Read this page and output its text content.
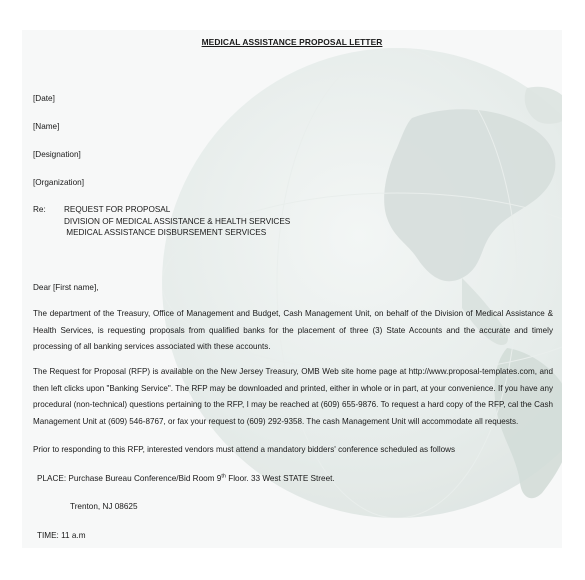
MEDICAL ASSISTANCE PROPOSAL LETTER
[Date]
[Name]
[Designation]
[Organization]
Re: REQUEST FOR PROPOSAL
DIVISION OF MEDICAL ASSISTANCE & HEALTH SERVICES
MEDICAL ASSISTANCE DISBURSEMENT SERVICES
Dear [First name],
The department of the Treasury, Office of Management and Budget, Cash Management Unit, on behalf of the Division of Medical Assistance & Health Services, is requesting proposals from qualified banks for the placement of three (3) State Accounts and the accurate and timely processing of all banking services associated with these accounts.
The Request for Proposal (RFP) is available on the New Jersey Treasury, OMB Web site home page at http://www.proposal-templates.com, and then left clicks upon "Banking Service". The RFP may be downloaded and printed, either in whole or in part, at your convenience. If you have any procedural (non-technical) questions pertaining to the RFP, I may be reached at (609) 655-9876. To request a hard copy of the RFP, cal the Cash Management Unit at (609) 546-8767, or fax your request to (609) 292-9358. The cash Management Unit will accommodate all requests.
Prior to responding to this RFP, interested vendors must attend a mandatory bidders' conference scheduled as follows
PLACE: Purchase Bureau Conference/Bid Room 9th Floor. 33 West STATE Street.
Trenton, NJ 08625
TIME: 11 a.m
